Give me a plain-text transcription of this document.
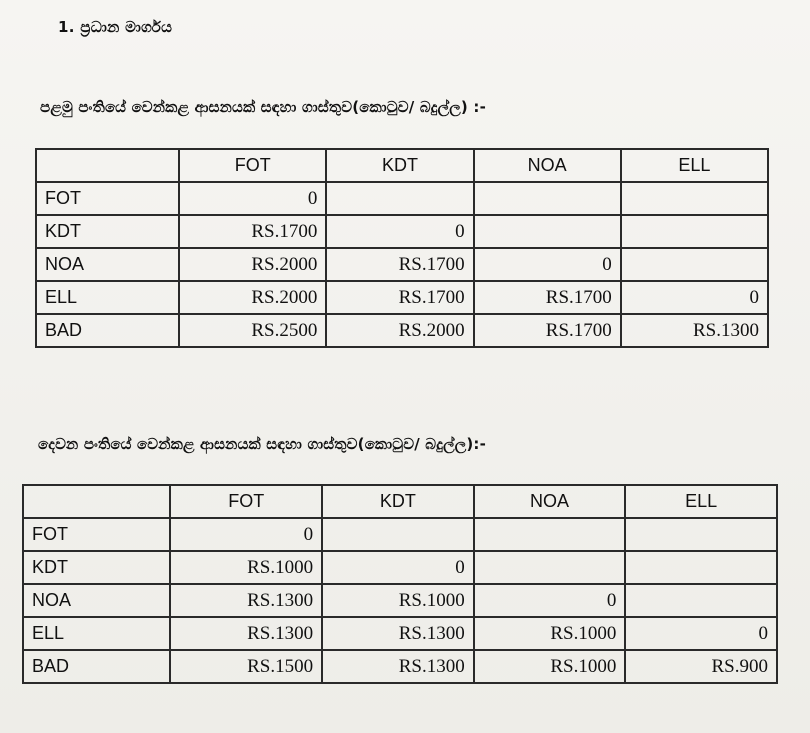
1. ප්‍රධාන මාර්ගය
පළමු පංතියේ වෙන්කළ ආසනයක් සඳහා ගාස්තුව(කොටුව/ බදුල්ල) :-
	FOT	KDT	NOA	ELL
FOT	0			
KDT	RS.1700	0		
NOA	RS.2000	RS.1700	0	
ELL	RS.2000	RS.1700	RS.1700	0
BAD	RS.2500	RS.2000	RS.1700	RS.1300
දෙවන පංතියේ වෙන්කළ ආසනයක් සඳහා ගාස්තුව(කොටුව/ බදුල්ල):-
	FOT	KDT	NOA	ELL
FOT	0			
KDT	RS.1000	0		
NOA	RS.1300	RS.1000	0	
ELL	RS.1300	RS.1300	RS.1000	0
BAD	RS.1500	RS.1300	RS.1000	RS.900
